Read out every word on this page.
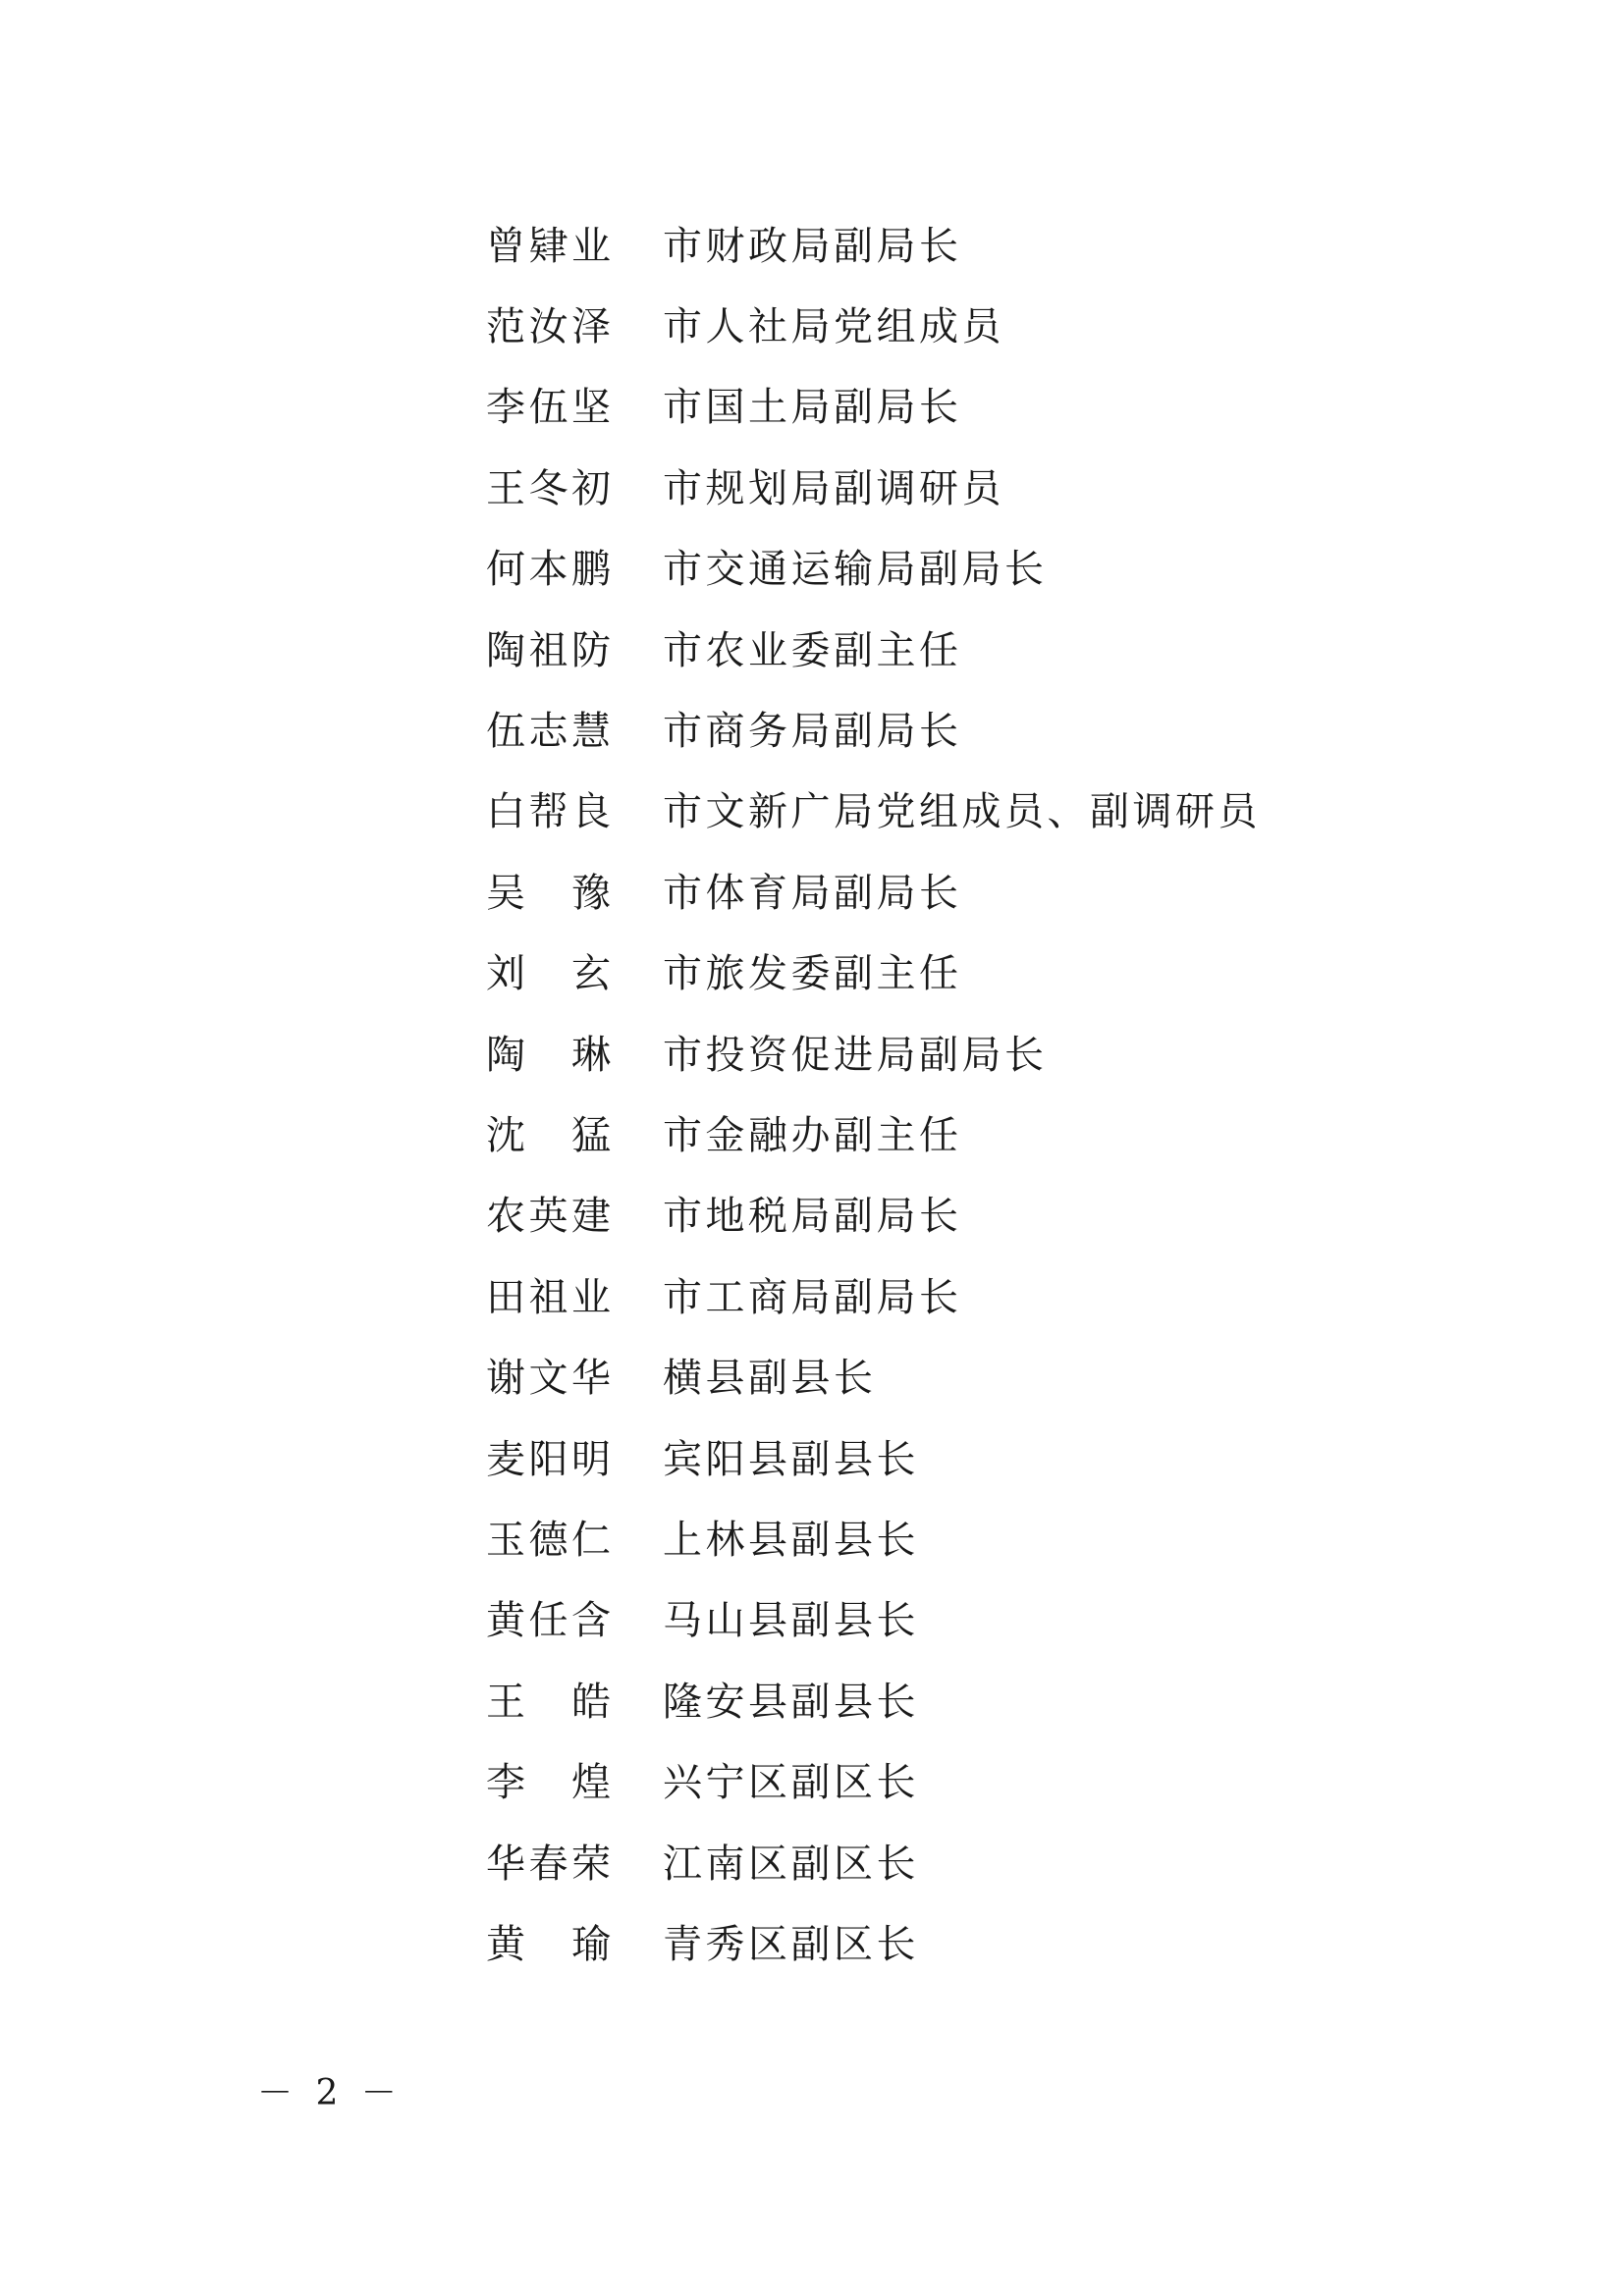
曾肄业	市财政局副局长
范汝泽	市人社局党组成员
李伍坚	市国土局副局长
王冬初	市规划局副调研员
何本鹏	市交通运输局副局长
陶祖防	市农业委副主任
伍志慧	市商务局副局长
白帮良	市文新广局党组成员、副调研员
吴　豫	市体育局副局长
刘　玄	市旅发委副主任
陶　琳	市投资促进局副局长
沈　猛	市金融办副主任
农英建	市地税局副局长
田祖业	市工商局副局长
谢文华	横县副县长
麦阳明	宾阳县副县长
玉德仁	上林县副县长
黄任含	马山县副县长
王　皓	隆安县副县长
李　煌	兴宁区副区长
华春荣	江南区副区长
黄　瑜	青秀区副区长
－ 2 －
